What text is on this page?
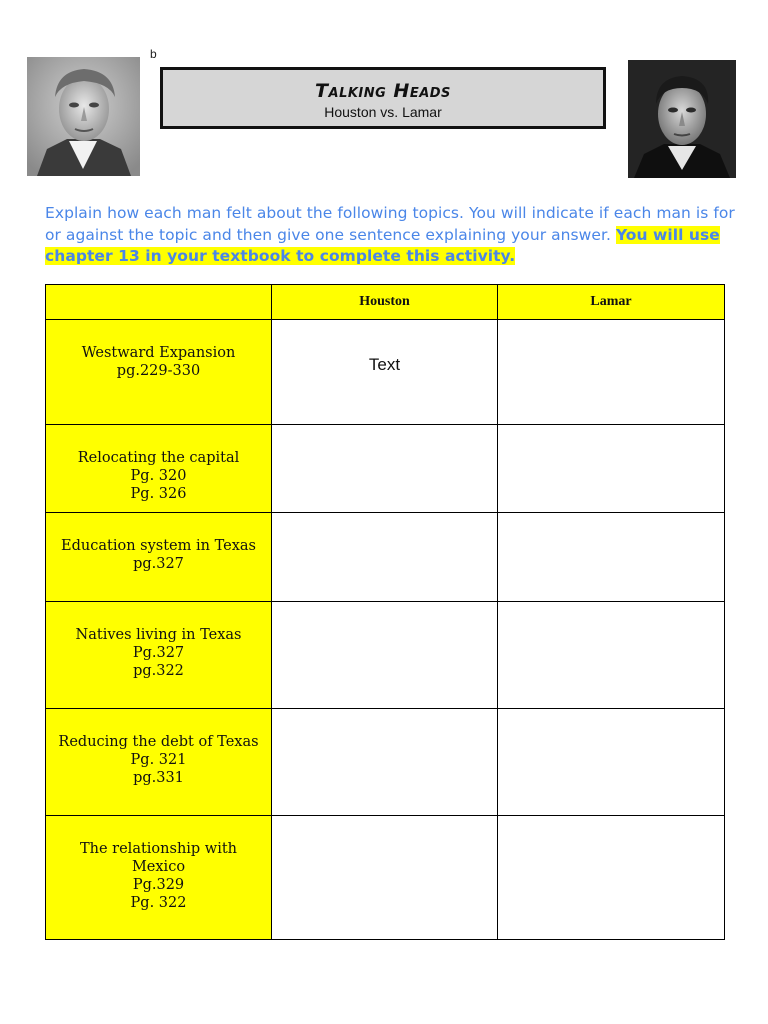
b
Talking Heads
Houston vs. Lamar
Explain how each man felt about the following topics. You will indicate if each man is for or against the topic and then give one sentence explaining your answer. You will use chapter 13 in your textbook to complete this activity.
	Houston	Lamar

Westward Expansion
pg.229-330	Text	

Relocating the capital
Pg. 320
Pg. 326		

Education system in Texas
pg.327		

Natives living in Texas
Pg.327
pg.322		

Reducing the debt of Texas
Pg. 321
pg.331		

The relationship with
Mexico
Pg.329
Pg. 322		
